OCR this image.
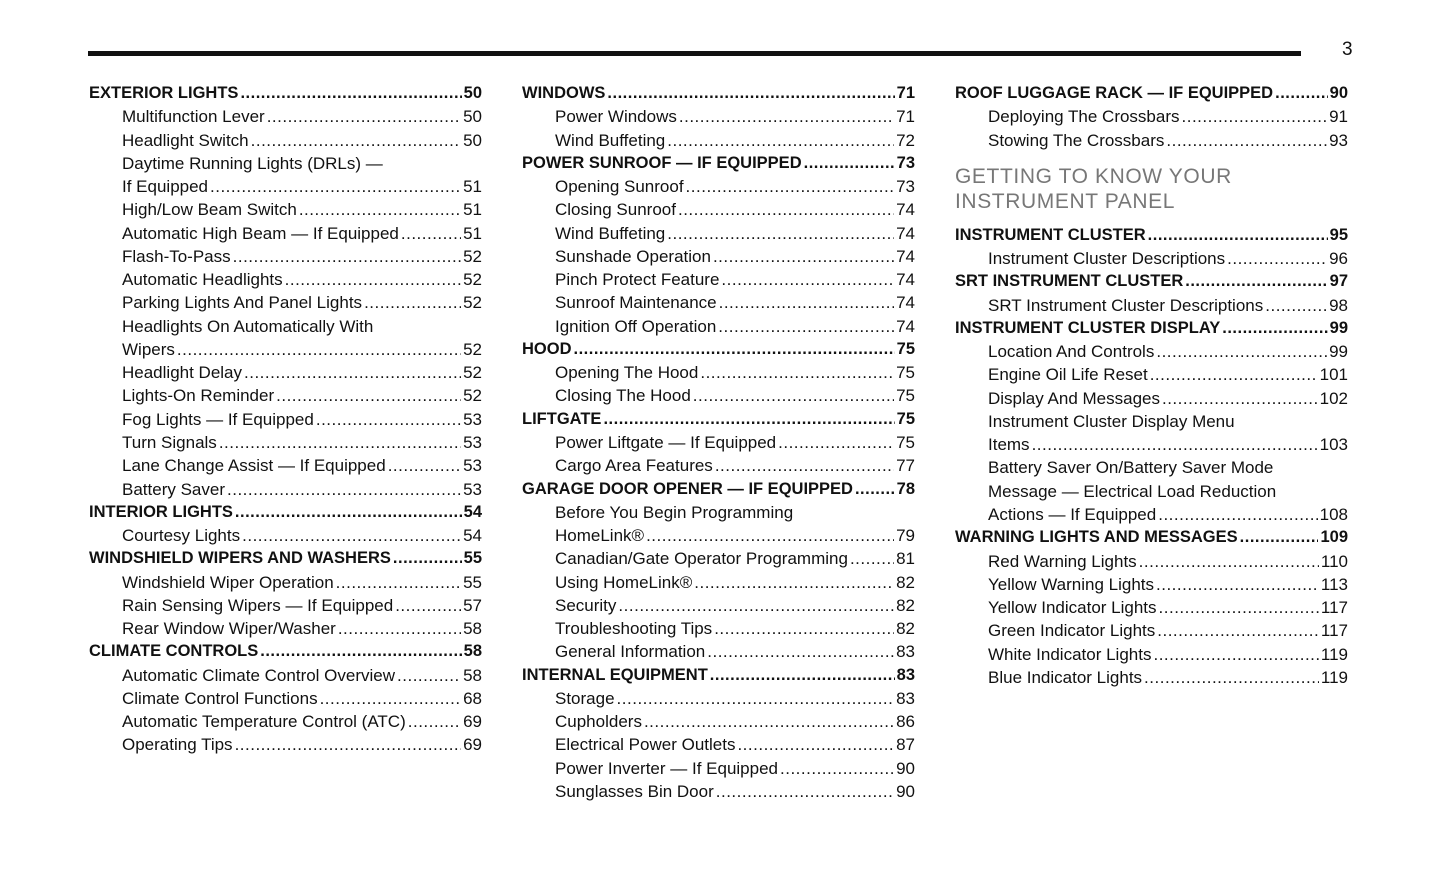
3
EXTERIOR LIGHTS .....	50
Multifunction Lever .....	50
Headlight Switch .....	50
Daytime Running Lights (DRLs) —
If Equipped .....	51
High/Low Beam Switch .....	51
Automatic High Beam — If Equipped .....	51
Flash-To-Pass .....	52
Automatic Headlights .....	52
Parking Lights And Panel Lights .....	52
Headlights On Automatically With
Wipers .....	52
Headlight Delay .....	52
Lights-On Reminder .....	52
Fog Lights — If Equipped .....	53
Turn Signals .....	53
Lane Change Assist — If Equipped .....	53
Battery Saver .....	53
INTERIOR LIGHTS .....	54
Courtesy Lights .....	54
WINDSHIELD WIPERS AND WASHERS .....	55
Windshield Wiper Operation .....	55
Rain Sensing Wipers — If Equipped .....	57
Rear Window Wiper/Washer .....	58
CLIMATE CONTROLS .....	58
Automatic Climate Control Overview .....	58
Climate Control Functions .....	68
Automatic Temperature Control (ATC) .....	69
Operating Tips .....	69
WINDOWS .....	71
Power Windows .....	71
Wind Buffeting .....	72
POWER SUNROOF — IF EQUIPPED .....	73
Opening Sunroof .....	73
Closing Sunroof .....	74
Wind Buffeting .....	74
Sunshade Operation .....	74
Pinch Protect Feature .....	74
Sunroof Maintenance .....	74
Ignition Off Operation .....	74
HOOD .....	75
Opening The Hood .....	75
Closing The Hood .....	75
LIFTGATE .....	75
Power Liftgate — If Equipped .....	75
Cargo Area Features .....	77
GARAGE DOOR OPENER — IF EQUIPPED .....	78
Before You Begin Programming
HomeLink® .....	79
Canadian/Gate Operator Programming .....	81
Using HomeLink® .....	82
Security .....	82
Troubleshooting Tips .....	82
General Information .....	83
INTERNAL EQUIPMENT .....	83
Storage .....	83
Cupholders .....	86
Electrical Power Outlets .....	87
Power Inverter — If Equipped .....	90
Sunglasses Bin Door .....	90
ROOF LUGGAGE RACK — IF EQUIPPED .....	90
Deploying The Crossbars .....	91
Stowing The Crossbars .....	93
GETTING TO KNOW YOUR
INSTRUMENT PANEL
INSTRUMENT CLUSTER .....	95
Instrument Cluster Descriptions .....	96
SRT INSTRUMENT CLUSTER .....	97
SRT Instrument Cluster Descriptions .....	98
INSTRUMENT CLUSTER DISPLAY .....	99
Location And Controls .....	99
Engine Oil Life Reset .....	101
Display And Messages .....	102
Instrument Cluster Display Menu
Items .....	103
Battery Saver On/Battery Saver Mode
Message — Electrical Load Reduction
Actions — If Equipped .....	108
WARNING LIGHTS AND MESSAGES .....	109
Red Warning Lights .....	110
Yellow Warning Lights .....	113
Yellow Indicator Lights .....	117
Green Indicator Lights .....	117
White Indicator Lights .....	119
Blue Indicator Lights .....	119
